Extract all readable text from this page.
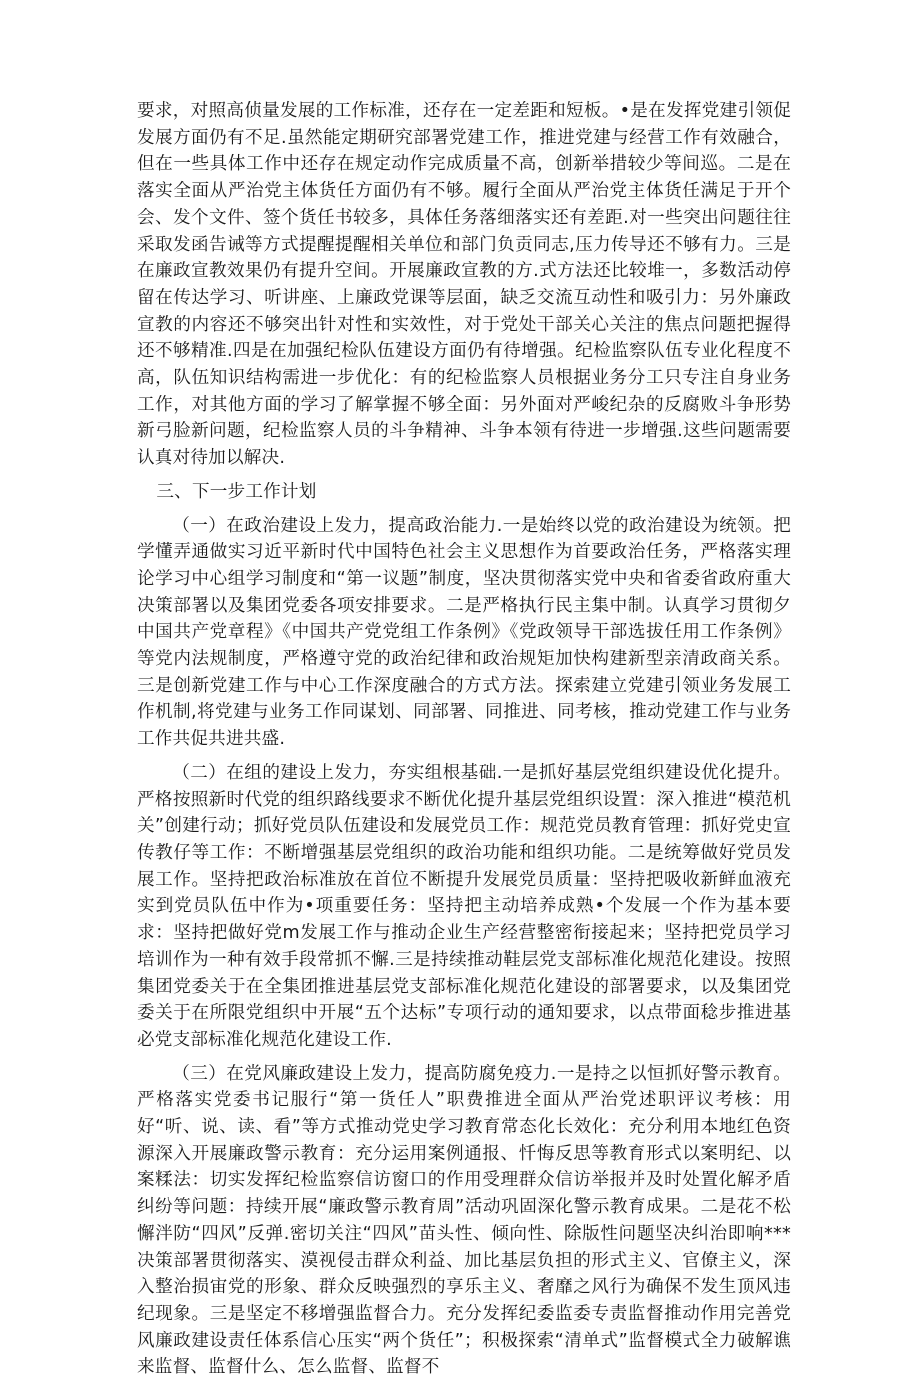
要求，对照高侦量发展的工作标准，还存在一定差距和短板。•是在发挥党建引领促发展方面仍有不足.虽然能定期研究部署党建工作，推进党建与经营工作有效融合，但在一些具体工作中还存在规定动作完成质量不高，创新举措较少等间巡。二是在落实全面从严治党主体货任方面仍有不够。履行全面从严治党主体货任满足于开个会、发个文件、签个货任书较多，具体任务落细落实还有差距.对一些突出问题往往采取发函告诫等方式提醒提醒相关单位和部门负贡同志,压力传导还不够有力。三是在廉政宣教效果仍有提升空间。开展廉政宣教的方.式方法还比较堆一，多数活动停留在传达学习、听讲座、上廉政党课等层面，缺乏交流互动性和吸引力：另外廉政宣教的内容还不够突出针对性和实效性，对于党处干部关心关注的焦点问题把握得还不够精准.四是在加强纪检队伍建设方面仍有待增强。纪检监察队伍专业化程度不高，队伍知识结构需进一步优化：有的纪检监察人员根据业务分工只专注自身业务工作，对其他方面的学习了解掌握不够全面：另外面对严峻纪杂的反腐败斗争形势新弓脸新问题，纪检监察人员的斗争精神、斗争本领有待进一步增强.这些问题需要认真对待加以解决.

三、下一步工作计划

（一）在政治建设上发力，提高政治能力.一是始终以党的政治建设为统领。把学懂弄通做实习近平新时代中国特色社会主义思想作为首要政治任务，严格落实理论学习中心组学习制度和“第一议题”制度，坚决贯彻落实党中央和省委省政府重大决策部署以及集团党委各项安排要求。二是严格执行民主集中制。认真学习贯彻夕中国共产党章程》《中国共产党党组工作条例》《党政领导干部选拔任用工作条例》等党内法规制度，严格遵守党的政治纪律和政治规矩加快构建新型亲清政商关系。三是创新党建工作与中心工作深度融合的方式方法。探索建立党建引领业务发展工作机制,将党建与业务工作同谋划、同部署、同推进、同考核，推动党建工作与业务工作共促共进共盛.

（二）在组的建设上发力，夯实组根基础.一是抓好基层党组织建设优化提升。严格按照新时代党的组织路线要求不断优化提升基层党组织设置：深入推进“模范机关”创建行动；抓好党员队伍建设和发展党员工作：规范党员教育管理：抓好党史宣传教仔等工作：不断增强基层党组织的政治功能和组织功能。二是统筹做好党员发展工作。坚持把政治标准放在首位不断提升发展党员质量：坚持把吸收新鲜血液充实到党员队伍中作为•项重要任务：坚持把主动培养成熟•个发展一个作为基本要求：坚持把做好党m发展工作与推动企业生产经营整密衔接起来；坚持把党员学习培训作为一种有效手段常抓不懈.三是持续推动鞋层党支部标准化规范化建设。按照集团党委关于在全集团推进基层党支部标准化规范化建设的部署要求，以及集团党委关于在所限党组织中开展“五个达标”专项行动的通知要求，以点带面稔步推进基必党支部标准化规范化建设工作.

（三）在党风廉政建设上发力，提高防腐免疫力.一是持之以恒抓好警示教育。严格落实党委书记服行“第一货任人”职费推进全面从严治党述职评议考核：用好“听、说、读、看”等方式推动党史学习教育常态化长效化：充分利用本地红色资源深入开展廉政警示教育：充分运用案例通报、忏悔反思等教育形式以案明纪、以案糅法：切实发挥纪检监察信访窗口的作用受理群众信访举报并及时处置化解矛盾纠纷等问题：持续开展“廉政警示教育周”活动巩固深化警示教育成果。二是花不松懈泮防“四风”反弹.密切关注“四风”苗头性、倾向性、除版性问题坚决纠治即响***决策部署贯彻落实、漠视侵击群众利益、加比基层负担的形式主义、官僚主义，深入整治损宙党的形象、群众反映强烈的享乐主义、奢靡之风行为确保不发生顶风违纪现象。三是坚定不移增强监督合力。充分发挥纪委监委专责监督推动作用完善党风廉政建设责任体系信心压实“两个货任”；积极探索“清单式”监督模式全力破解谯来监督、监督什么、怎么监督、监督不
